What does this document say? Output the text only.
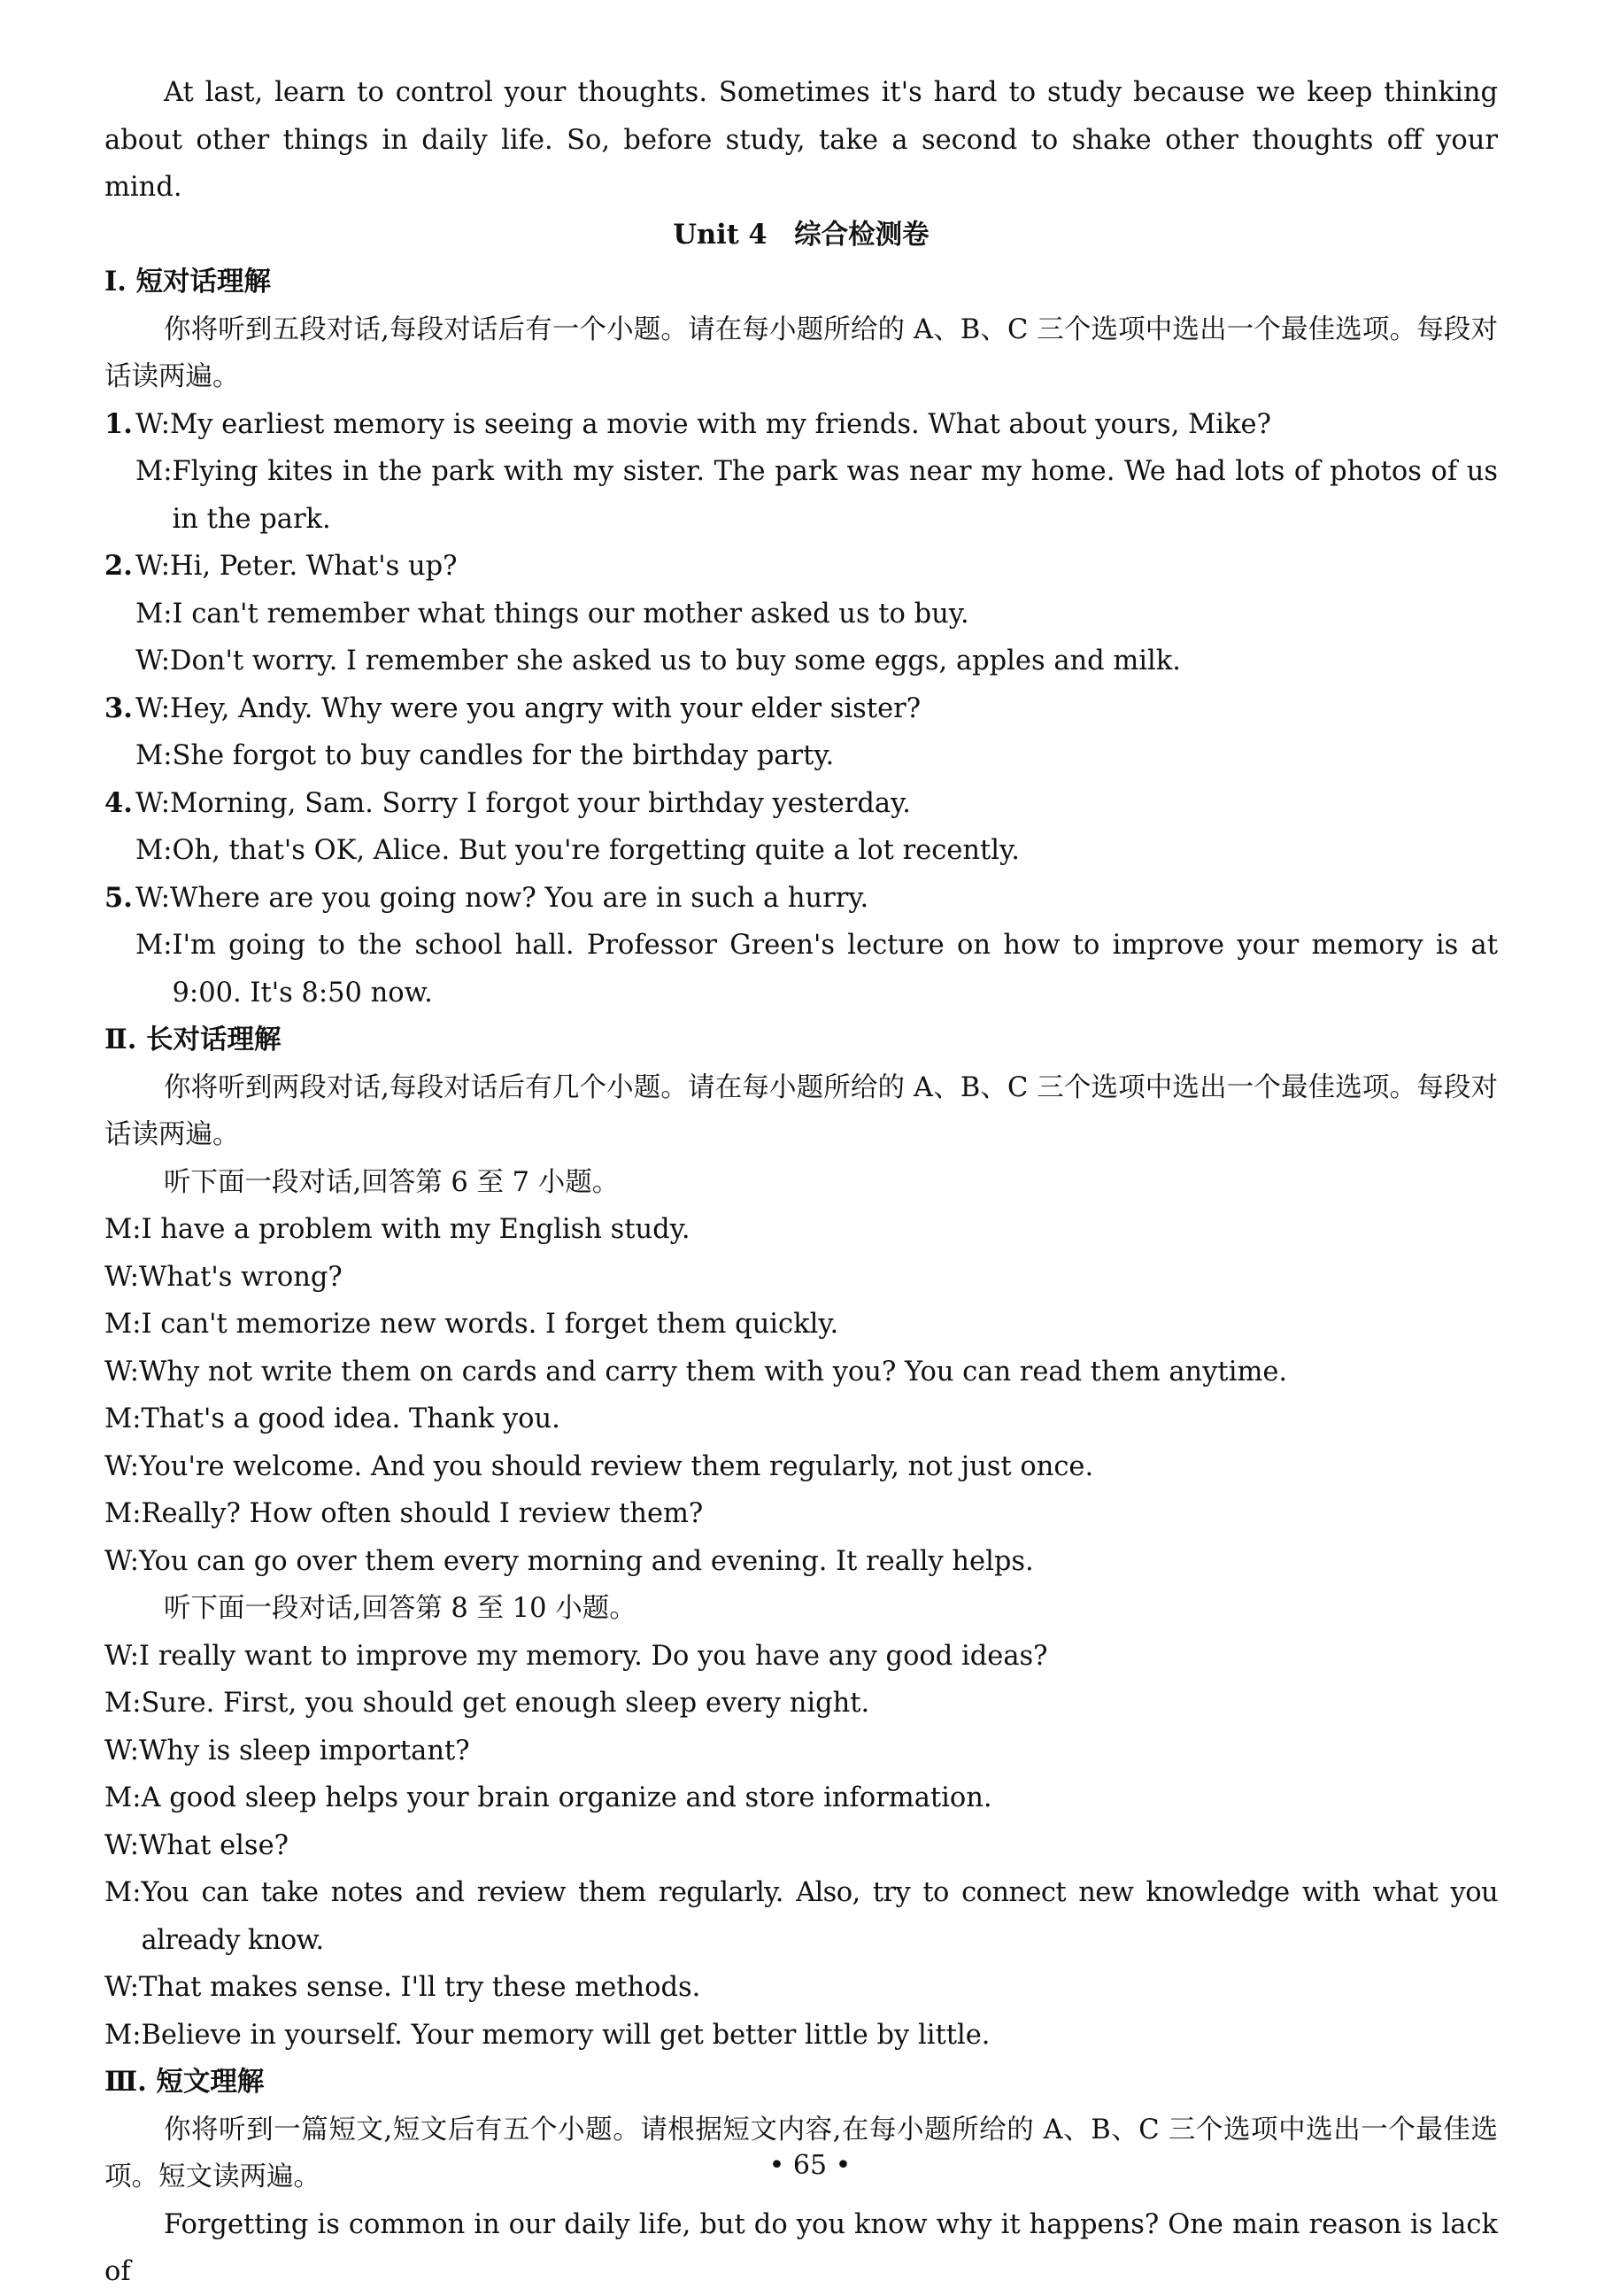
At last, learn to control your thoughts. Sometimes it's hard to study because we keep thinking about other things in daily life. So, before study, take a second to shake other thoughts off your mind.

Unit 4　综合检测卷

Ⅰ. 短对话理解

你将听到五段对话,每段对话后有一个小题。请在每小题所给的 A、B、C 三个选项中选出一个最佳选项。每段对话读两遍。

1. W: My earliest memory is seeing a movie with my friends. What about yours, Mike?
M: Flying kites in the park with my sister. The park was near my home. We had lots of photos of us in the park.
2. W: Hi, Peter. What's up?
M: I can't remember what things our mother asked us to buy.
W: Don't worry. I remember she asked us to buy some eggs, apples and milk.
3. W: Hey, Andy. Why were you angry with your elder sister?
M: She forgot to buy candles for the birthday party.
4. W: Morning, Sam. Sorry I forgot your birthday yesterday.
M: Oh, that's OK, Alice. But you're forgetting quite a lot recently.
5. W: Where are you going now? You are in such a hurry.
M: I'm going to the school hall. Professor Green's lecture on how to improve your memory is at 9:00. It's 8:50 now.

Ⅱ. 长对话理解

你将听到两段对话,每段对话后有几个小题。请在每小题所给的 A、B、C 三个选项中选出一个最佳选项。每段对话读两遍。

听下面一段对话,回答第 6 至 7 小题。

M: I have a problem with my English study.
W: What's wrong?
M: I can't memorize new words. I forget them quickly.
W: Why not write them on cards and carry them with you? You can read them anytime.
M: That's a good idea. Thank you.
W: You're welcome. And you should review them regularly, not just once.
M: Really? How often should I review them?
W: You can go over them every morning and evening. It really helps.

听下面一段对话,回答第 8 至 10 小题。

W: I really want to improve my memory. Do you have any good ideas?
M: Sure. First, you should get enough sleep every night.
W: Why is sleep important?
M: A good sleep helps your brain organize and store information.
W: What else?
M: You can take notes and review them regularly. Also, try to connect new knowledge with what you already know.
W: That makes sense. I'll try these methods.
M: Believe in yourself. Your memory will get better little by little.

Ⅲ. 短文理解

你将听到一篇短文,短文后有五个小题。请根据短文内容,在每小题所给的 A、B、C 三个选项中选出一个最佳选项。短文读两遍。

Forgetting is common in our daily life, but do you know why it happens? One main reason is lack of

• 65 •
